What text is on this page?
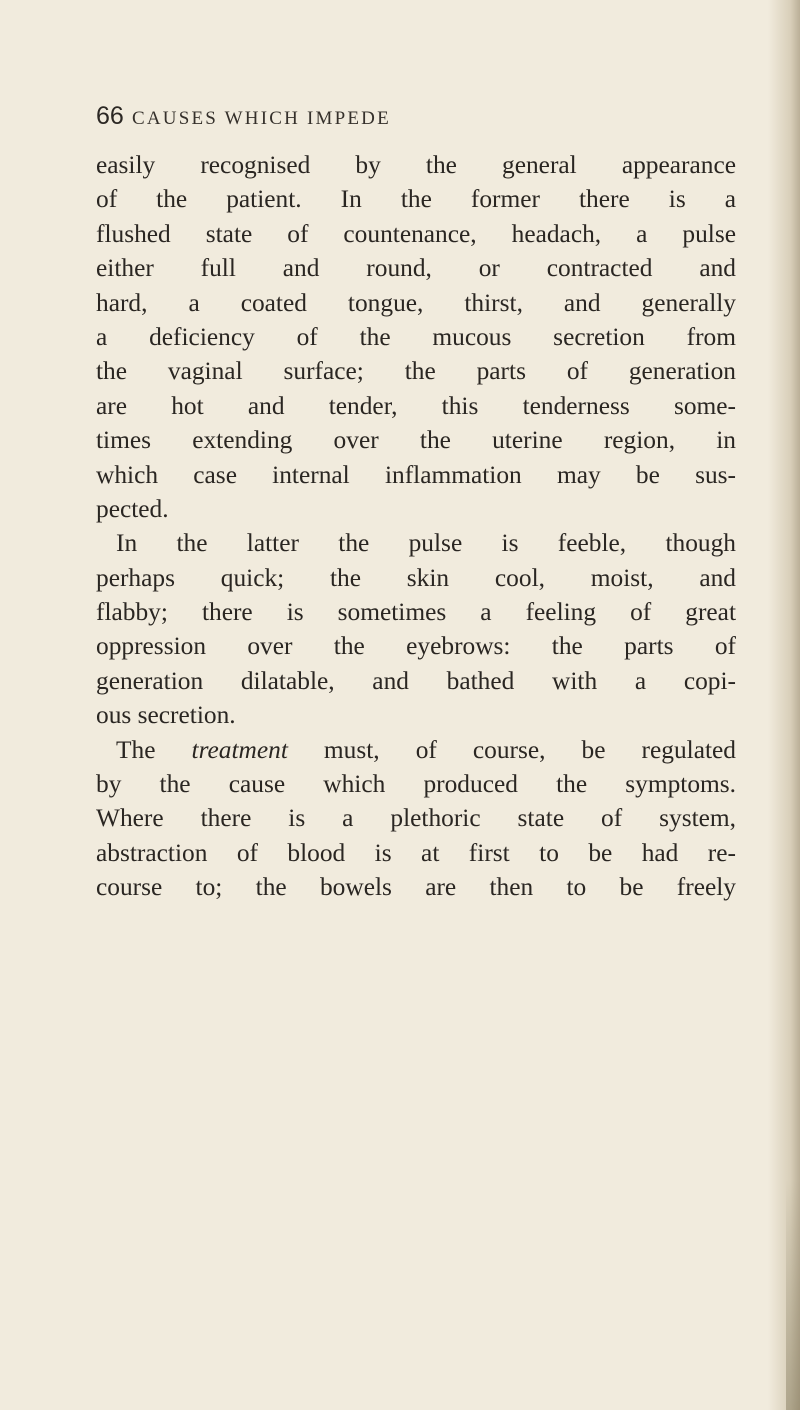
66 CAUSES WHICH IMPEDE
easily recognised by the general appearance
of the patient. In the former there is a
flushed state of countenance, headach, a pulse
either full and round, or contracted and
hard, a coated tongue, thirst, and generally
a deficiency of the mucous secretion from
the vaginal surface; the parts of generation
are hot and tender, this tenderness some-
times extending over the uterine region, in
which case internal inflammation may be sus-
pected.
In the latter the pulse is feeble, though
perhaps quick; the skin cool, moist, and
flabby; there is sometimes a feeling of great
oppression over the eyebrows: the parts of
generation dilatable, and bathed with a copi-
ous secretion.
The treatment must, of course, be regulated
by the cause which produced the symptoms.
Where there is a plethoric state of system,
abstraction of blood is at first to be had re-
course to; the bowels are then to be freely
